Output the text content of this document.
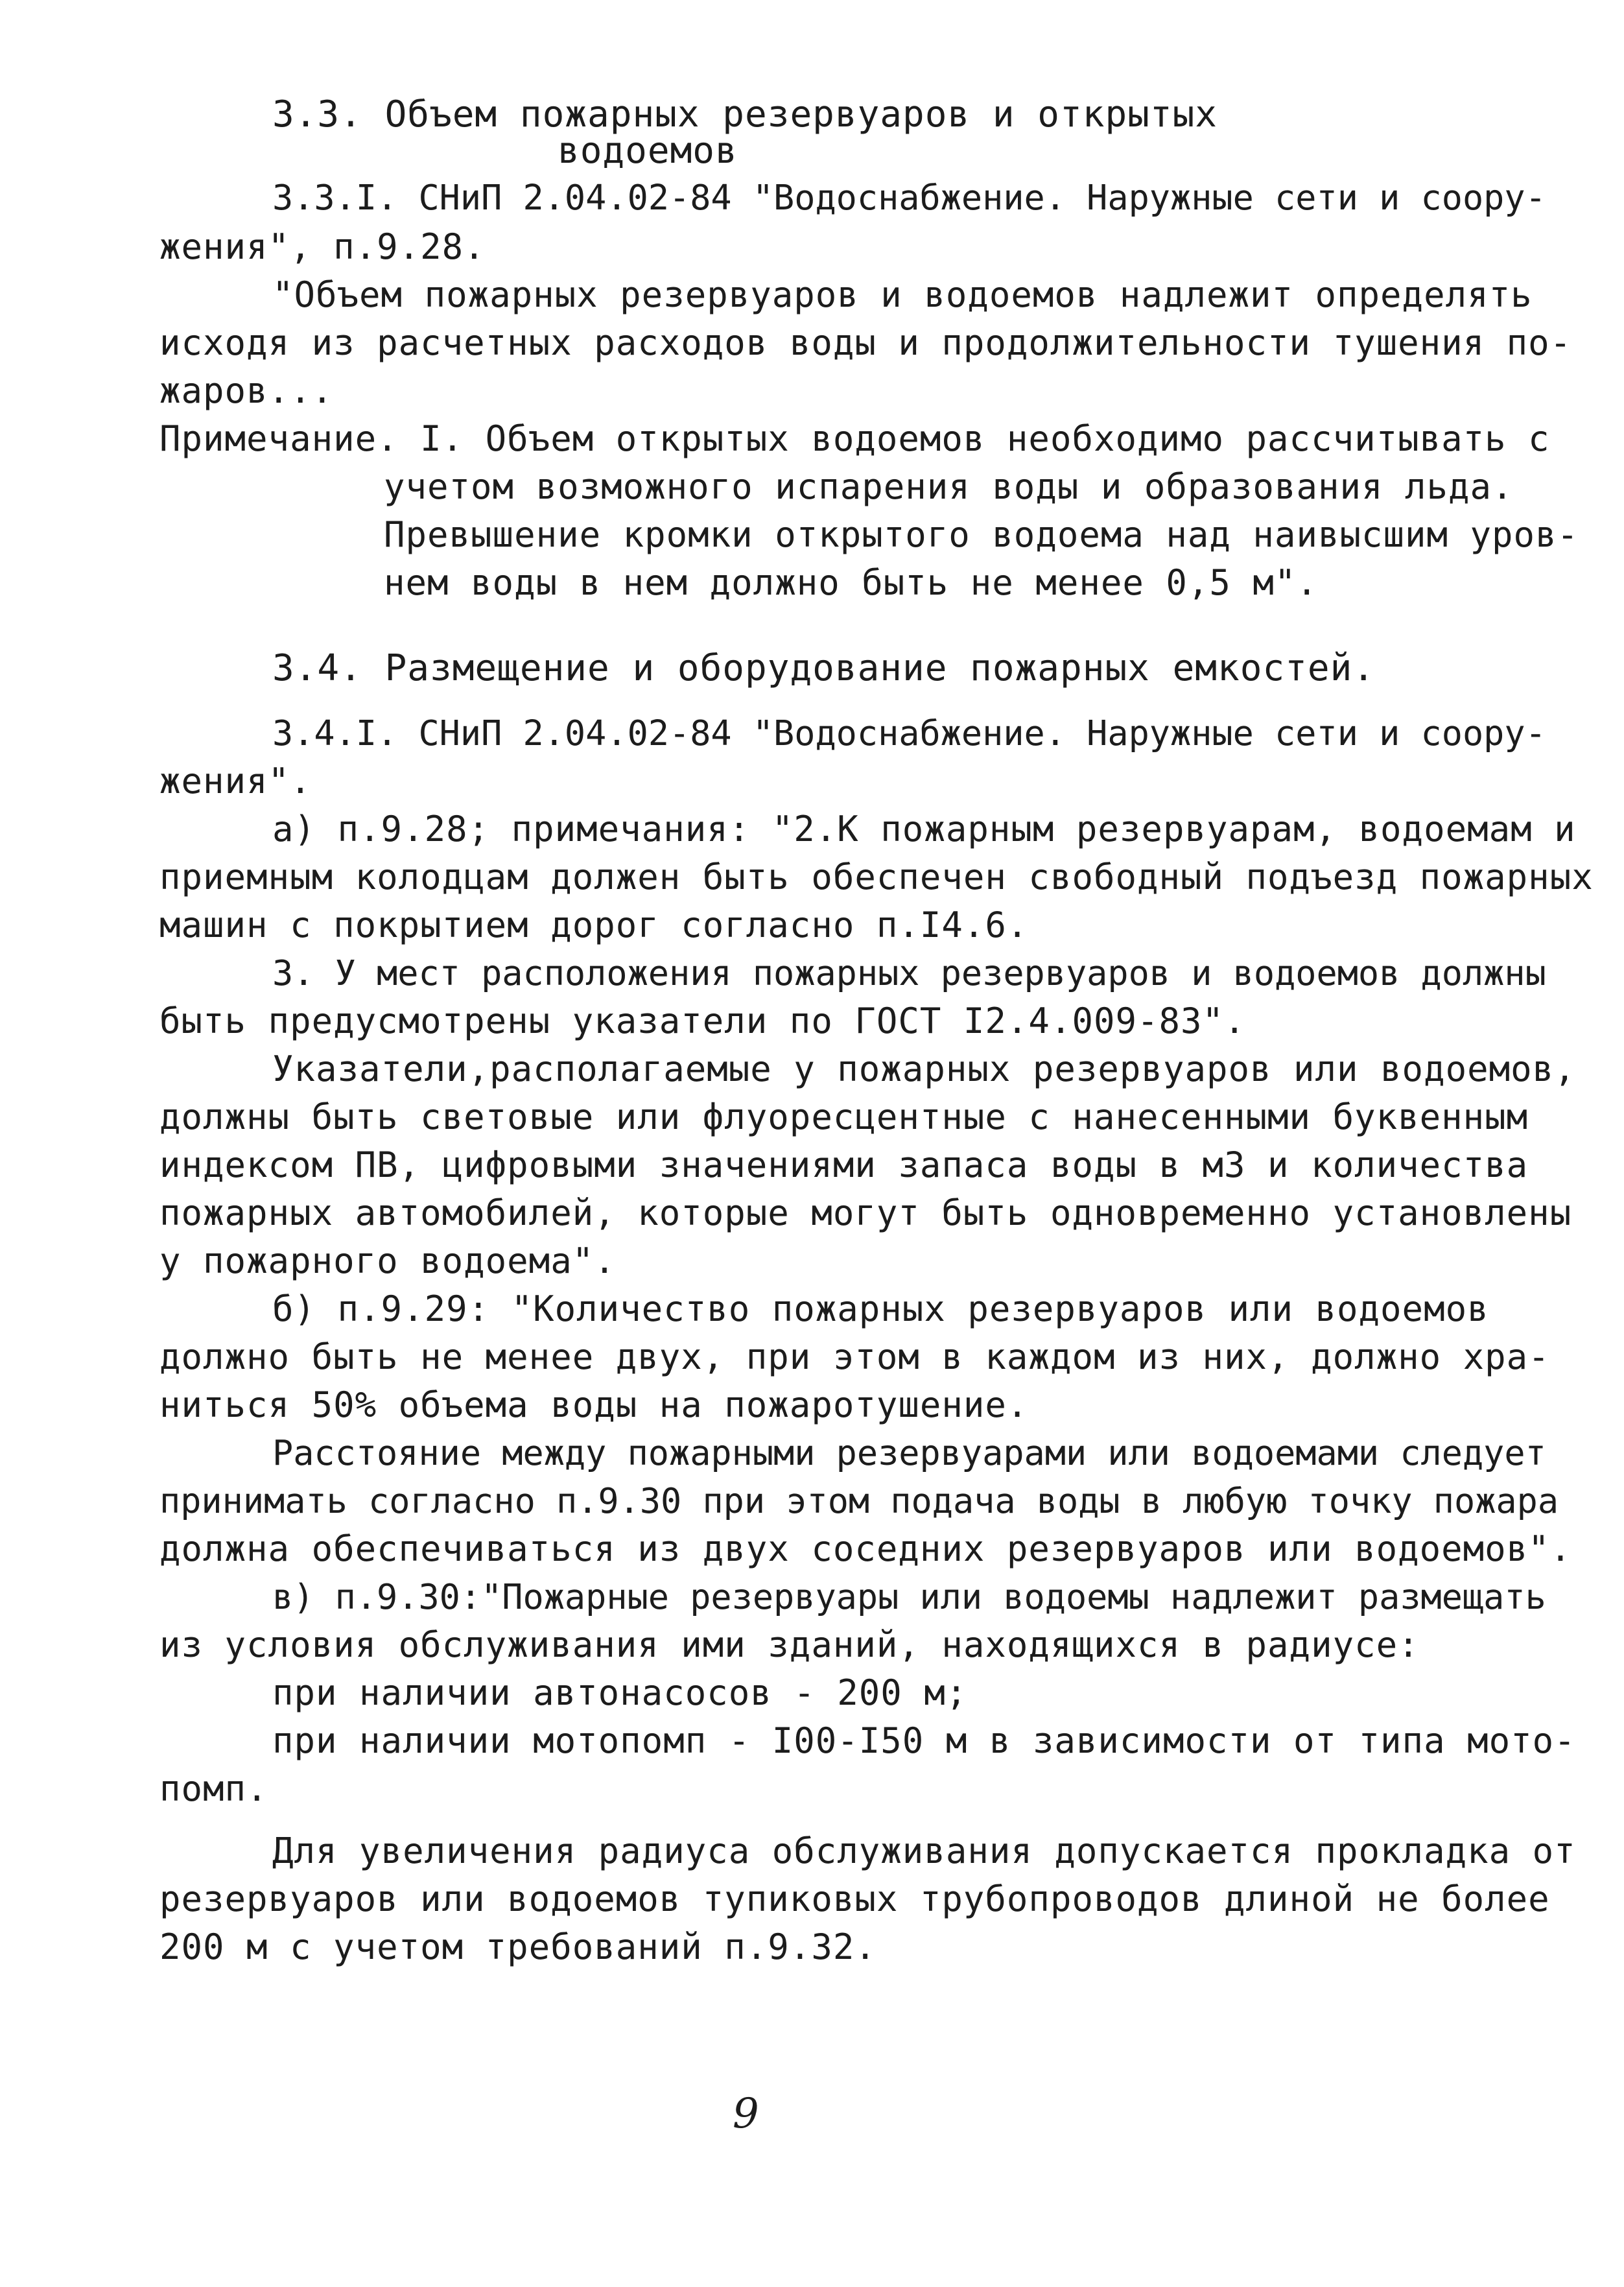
3.3. Объем пожарных резервуаров и открытых
водоемов
3.3.I. СНиП 2.04.02-84 "Водоснабжение. Наружные сети и соору-
жения", п.9.28.
"Объем пожарных резервуаров и водоемов надлежит определять
исходя из расчетных расходов воды и продолжительности тушения по-
жаров...
Примечание. I. Объем открытых водоемов необходимо рассчитывать с
учетом возможного испарения воды и образования льда.
Превышение кромки открытого водоема над наивысшим уров-
нем воды в нем должно быть не менее 0,5 м".
3.4. Размещение и оборудование пожарных емкостей.
3.4.I. СНиП 2.04.02-84 "Водоснабжение. Наружные сети и соору-
жения".
а) п.9.28; примечания: "2.К пожарным резервуарам, водоемам и
приемным колодцам должен быть обеспечен свободный подъезд пожарных
машин с покрытием дорог согласно п.I4.6.
3. У мест расположения пожарных резервуаров и водоемов должны
быть предусмотрены указатели по ГОСТ I2.4.009-83".
Указатели,располагаемые у пожарных резервуаров или водоемов,
должны быть световые или флуоресцентные с нанесенными буквенным
индексом ПВ, цифровыми значениями запаса воды в м3 и количества
пожарных автомобилей, которые могут быть одновременно установлены
у пожарного водоема".
б) п.9.29: "Количество пожарных резервуаров или водоемов
должно быть не менее двух, при этом в каждом из них, должно хра-
ниться 50% объема воды на пожаротушение.
Расстояние между пожарными резервуарами или водоемами следует
принимать согласно п.9.30 при этом подача воды в любую точку пожара
должна обеспечиваться из двух соседних резервуаров или водоемов".
в) п.9.30:"Пожарные резервуары или водоемы надлежит размещать
из условия обслуживания ими зданий, находящихся в радиусе:
при наличии автонасосов - 200 м;
при наличии мотопомп - I00-I50 м в зависимости от типа мото-
помп.
Для увеличения радиуса обслуживания допускается прокладка от
резервуаров или водоемов тупиковых трубопроводов длиной не более
200 м с учетом требований п.9.32.
9
